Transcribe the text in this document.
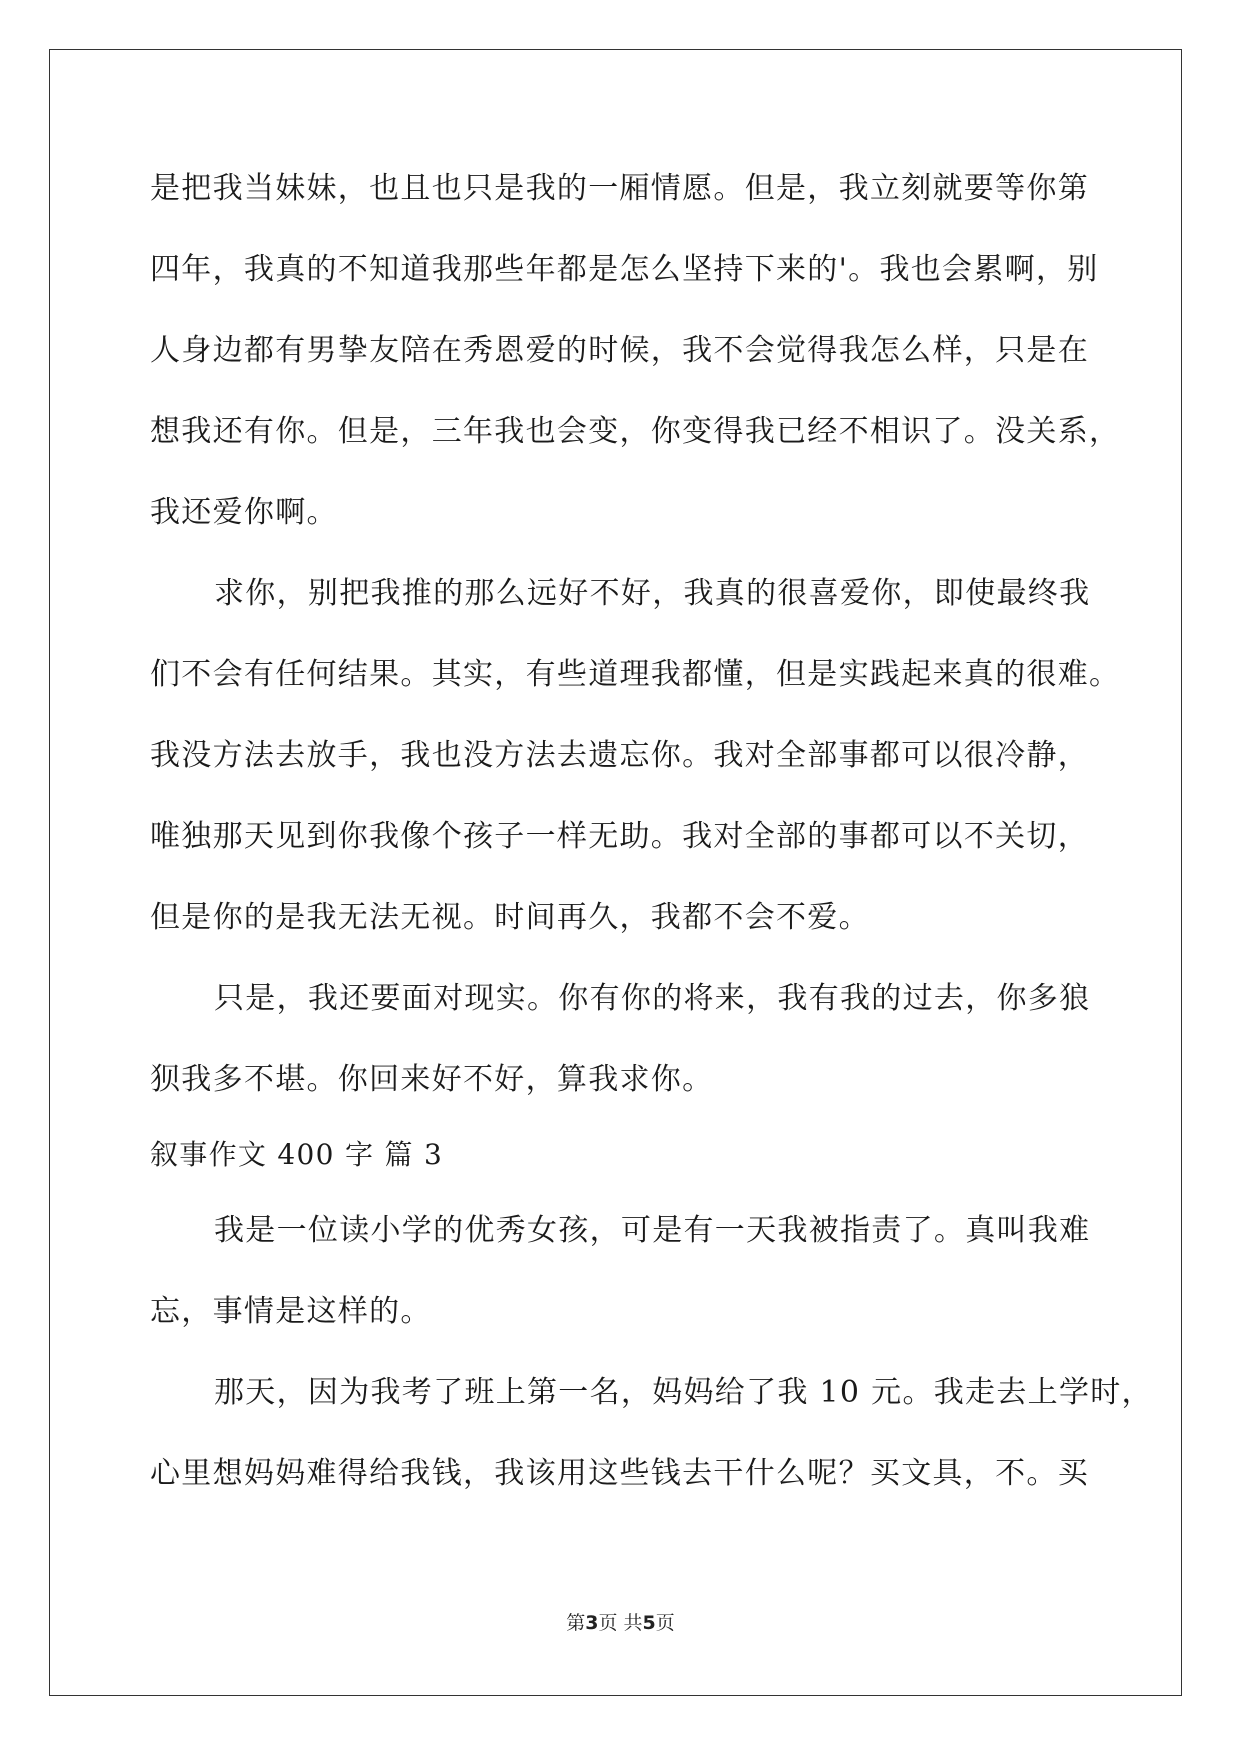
是把我当妹妹，也且也只是我的一厢情愿。但是，我立刻就要等你第
四年，我真的不知道我那些年都是怎么坚持下来的'。我也会累啊，别
人身边都有男挚友陪在秀恩爱的时候，我不会觉得我怎么样，只是在
想我还有你。但是，三年我也会变，你变得我已经不相识了。没关系，
我还爱你啊。
求你，别把我推的那么远好不好，我真的很喜爱你，即使最终我
们不会有任何结果。其实，有些道理我都懂，但是实践起来真的很难。
我没方法去放手，我也没方法去遗忘你。我对全部事都可以很冷静，
唯独那天见到你我像个孩子一样无助。我对全部的事都可以不关切，
但是你的是我无法无视。时间再久，我都不会不爱。
只是，我还要面对现实。你有你的将来，我有我的过去，你多狼
狈我多不堪。你回来好不好，算我求你。
叙事作文 400 字 篇 3
我是一位读小学的优秀女孩，可是有一天我被指责了。真叫我难
忘，事情是这样的。
那天，因为我考了班上第一名，妈妈给了我 10 元。我走去上学时，
心里想妈妈难得给我钱，我该用这些钱去干什么呢？买文具，不。买
第3页 共5页
